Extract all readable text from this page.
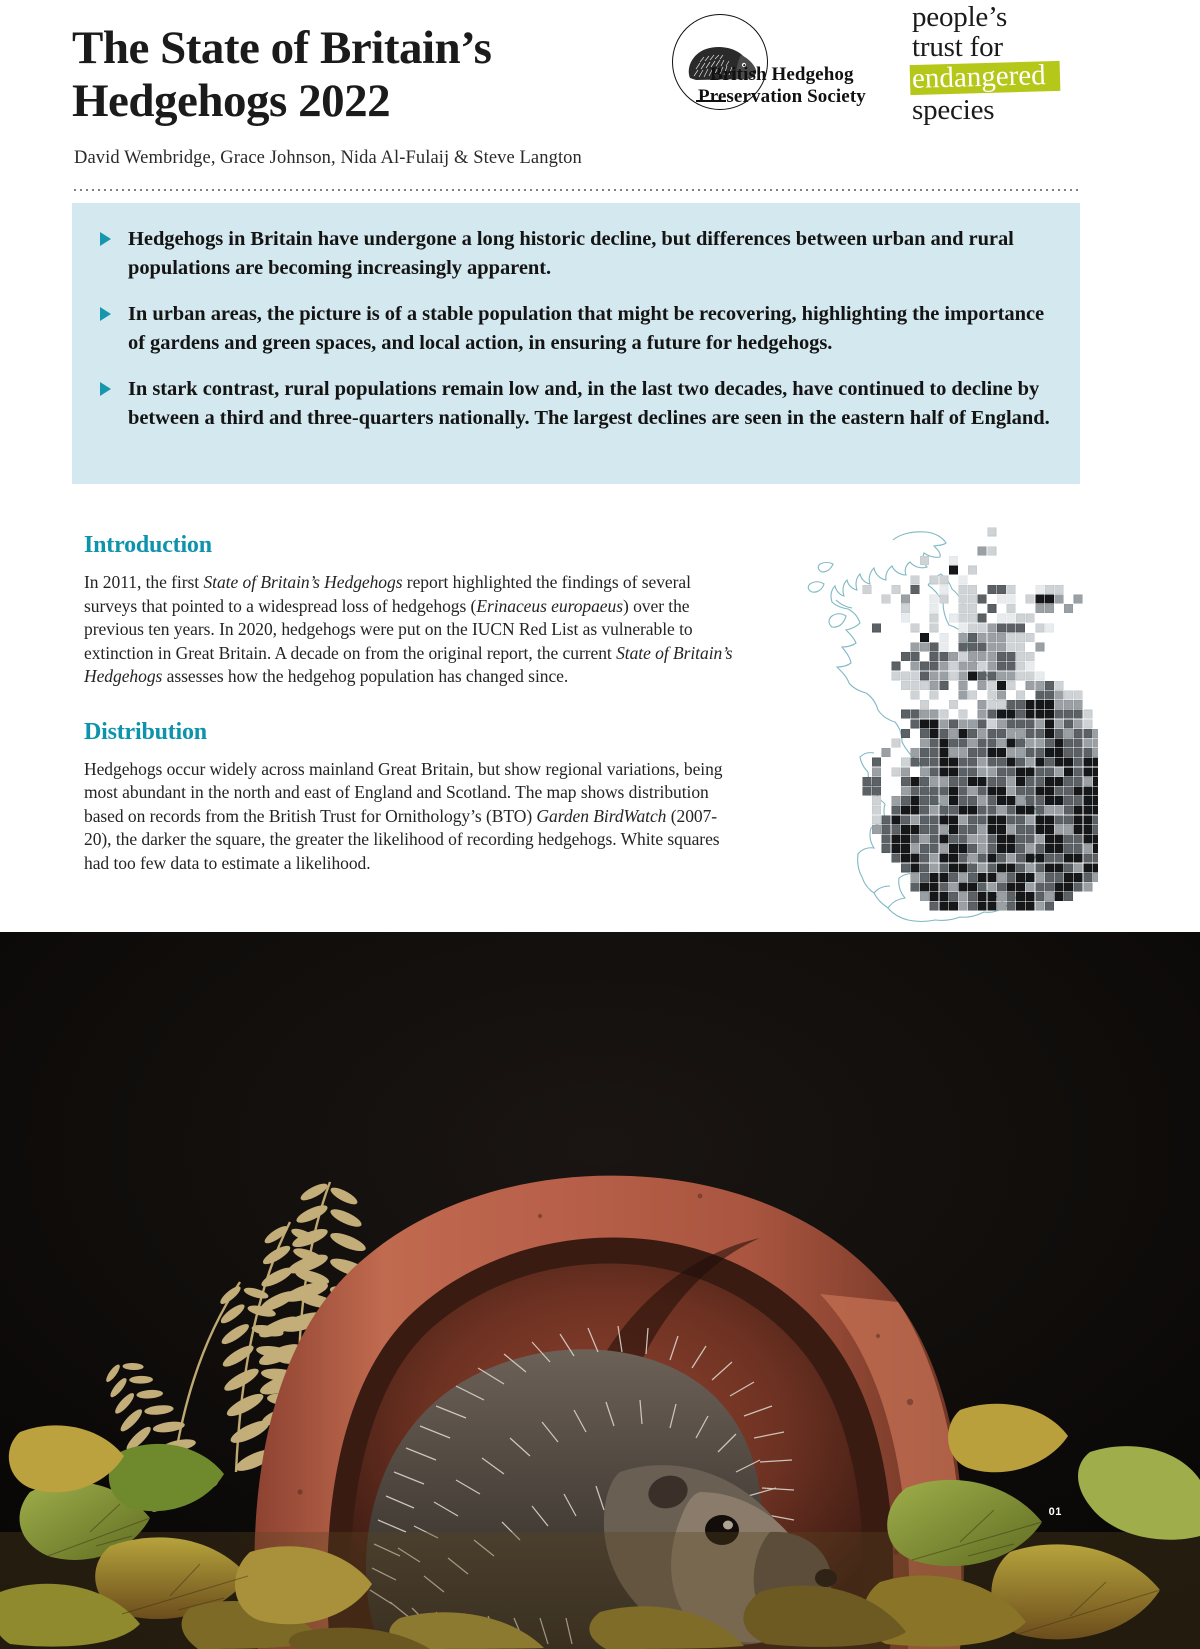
The State of Britain’s
Hedgehogs 2022
David Wembridge, Grace Johnson, Nida Al-Fulaij & Steve Langton
British Hedgehog
Preservation Society
people’s
trust for
endangered
species
Hedgehogs in Britain have undergone a long historic decline, but differences between urban and rural populations are becoming increasingly apparent.
In urban areas, the picture is of a stable population that might be recovering, highlighting the importance of gardens and green spaces, and local action, in ensuring a future for hedgehogs.
In stark contrast, rural populations remain low and, in the last two decades, have continued to decline by between a third and three-quarters nationally. The largest declines are seen in the eastern half of England.
Introduction

In 2011, the first State of Britain’s Hedgehogs report highlighted the findings of several surveys that pointed to a widespread loss of hedgehogs (Erinaceus europaeus) over the previous ten years. In 2020, hedgehogs were put on the IUCN Red List as vulnerable to extinction in Great Britain. A decade on from the original report, the current State of Britain’s Hedgehogs assesses how the hedgehog population has changed since.

Distribution

Hedgehogs occur widely across mainland Great Britain, but show regional variations, being most abundant in the north and east of England and Scotland. The map shows distribution based on records from the British Trust for Ornithology’s (BTO) Garden BirdWatch (2007-20), the darker the square, the greater the likelihood of recording hedgehogs. White squares had too few data to estimate a likelihood.

01
